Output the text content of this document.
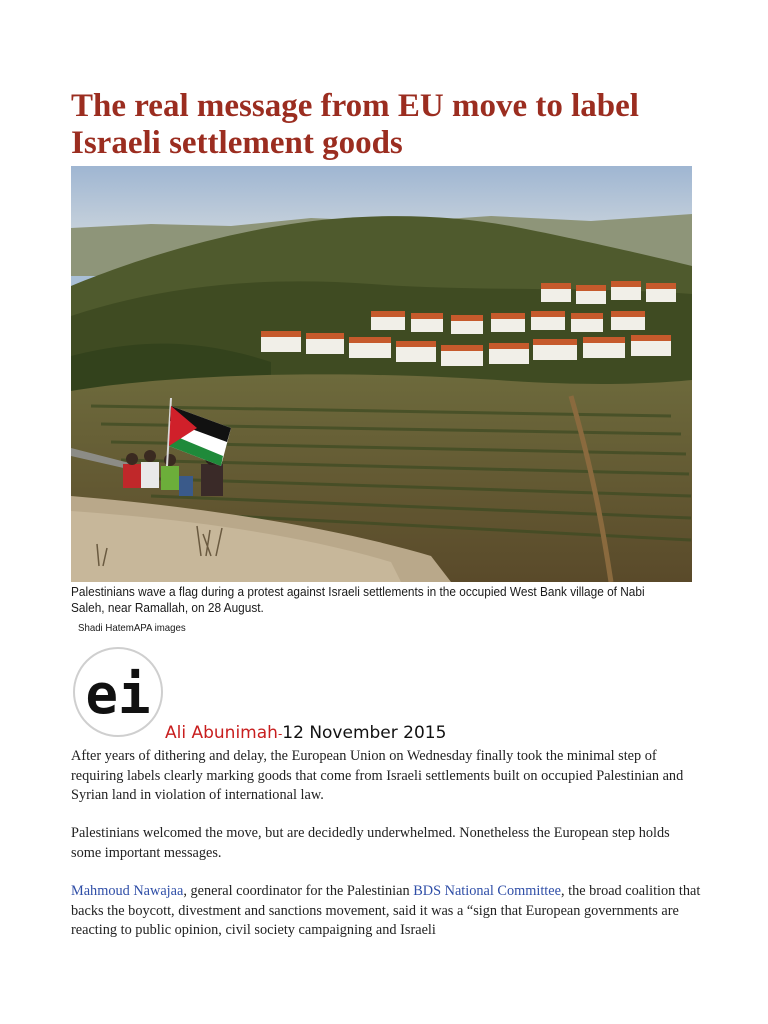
The real message from EU move to label Israeli settlement goods
Palestinians wave a flag during a protest against Israeli settlements in the occupied West Bank village of Nabi Saleh, near Ramallah, on 28 August.
Shadi HatemAPA images
ei
Ali Abunimah-12 November 2015

After years of dithering and delay, the European Union on Wednesday finally took the minimal step of requiring labels clearly marking goods that come from Israeli settlements built on occupied Palestinian and Syrian land in violation of international law.

Palestinians welcomed the move, but are decidedly underwhelmed. Nonetheless the European step holds some important messages.

Mahmoud Nawajaa, general coordinator for the Palestinian BDS National Committee, the broad coalition that backs the boycott, divestment and sanctions movement, said it was a “sign that European governments are reacting to public opinion, civil society campaigning and Israeli
